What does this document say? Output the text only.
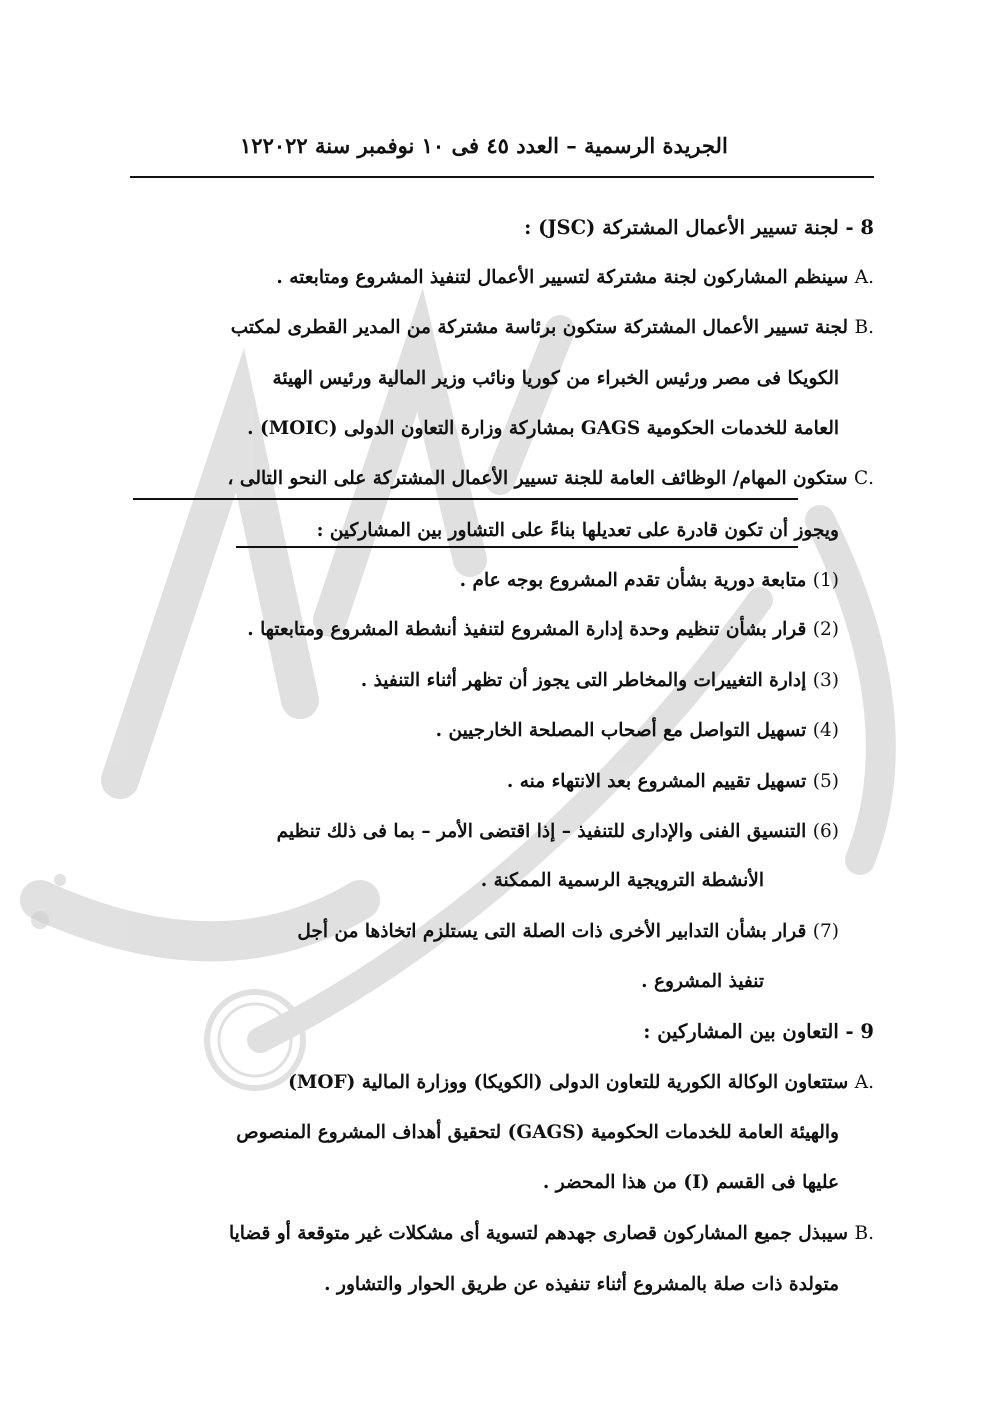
١٢ الجريدة الرسمية – العدد ٤٥ فى ١٠ نوفمبر سنة ٢٠٢٢
8 - لجنة تسيير الأعمال المشتركة (JSC) :
.A سينظم المشاركون لجنة مشتركة لتسيير الأعمال لتنفيذ المشروع ومتابعته .
.B لجنة تسيير الأعمال المشتركة ستكون برئاسة مشتركة من المدير القطرى لمكتب
الكويكا فى مصر ورئيس الخبراء من كوريا ونائب وزير المالية ورئيس الهيئة
العامة للخدمات الحكومية GAGS بمشاركة وزارة التعاون الدولى (MOIC) .
.C ستكون المهام/ الوظائف العامة للجنة تسيير الأعمال المشتركة على النحو التالى ،
ويجوز أن تكون قادرة على تعديلها بناءً على التشاور بين المشاركين :
(1) متابعة دورية بشأن تقدم المشروع بوجه عام .
(2) قرار بشأن تنظيم وحدة إدارة المشروع لتنفيذ أنشطة المشروع ومتابعتها .
(3) إدارة التغييرات والمخاطر التى يجوز أن تظهر أثناء التنفيذ .
(4) تسهيل التواصل مع أصحاب المصلحة الخارجيين .
(5) تسهيل تقييم المشروع بعد الانتهاء منه .
(6) التنسيق الفنى والإدارى للتنفيذ – إذا اقتضى الأمر – بما فى ذلك تنظيم
الأنشطة الترويجية الرسمية الممكنة .
(7) قرار بشأن التدابير الأخرى ذات الصلة التى يستلزم اتخاذها من أجل
تنفيذ المشروع .
9 - التعاون بين المشاركين :
.A ستتعاون الوكالة الكورية للتعاون الدولى (الكويكا) ووزارة المالية (MOF)
والهيئة العامة للخدمات الحكومية (GAGS) لتحقيق أهداف المشروع المنصوص
عليها فى القسم (I) من هذا المحضر .
.B سيبذل جميع المشاركون قصارى جهدهم لتسوية أى مشكلات غير متوقعة أو قضايا
متولدة ذات صلة بالمشروع أثناء تنفيذه عن طريق الحوار والتشاور .
